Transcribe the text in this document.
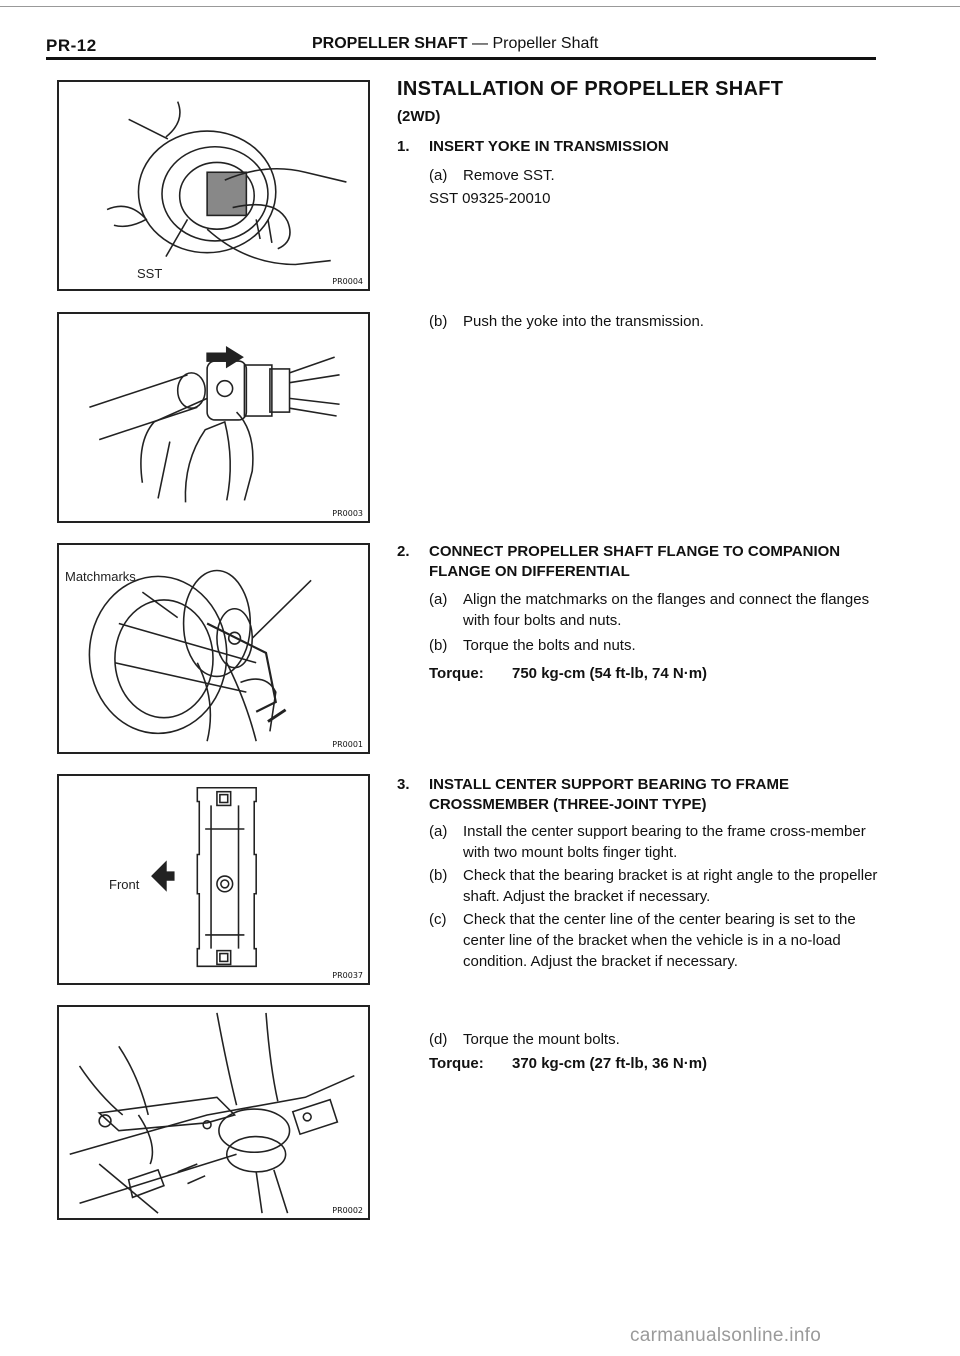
PR-12	PROPELLER SHAFT — Propeller Shaft
SST
PR0004
PR0003
Matchmarks
PR0001
Front
PR0037
PR0002
INSTALLATION OF PROPELLER SHAFT
(2WD)
1. INSERT YOKE IN TRANSMISSION
(a) Remove SST.
SST 09325-20010
(b) Push the yoke into the transmission.
2. CONNECT PROPELLER SHAFT FLANGE TO COMPANION FLANGE ON DIFFERENTIAL
(a) Align the matchmarks on the flanges and connect the flanges with four bolts and nuts.
(b) Torque the bolts and nuts.
Torque: 750 kg-cm (54 ft-lb, 74 N·m)
3. INSTALL CENTER SUPPORT BEARING TO FRAME CROSSMEMBER (THREE-JOINT TYPE)
(a) Install the center support bearing to the frame cross-member with two mount bolts finger tight.
(b) Check that the bearing bracket is at right angle to the propeller shaft. Adjust the bracket if necessary.
(c) Check that the center line of the center bearing is set to the center line of the bracket when the vehicle is in a no-load condition. Adjust the bracket if necessary.
(d) Torque the mount bolts.
Torque: 370 kg-cm (27 ft-lb, 36 N·m)
carmanualsonline.info
